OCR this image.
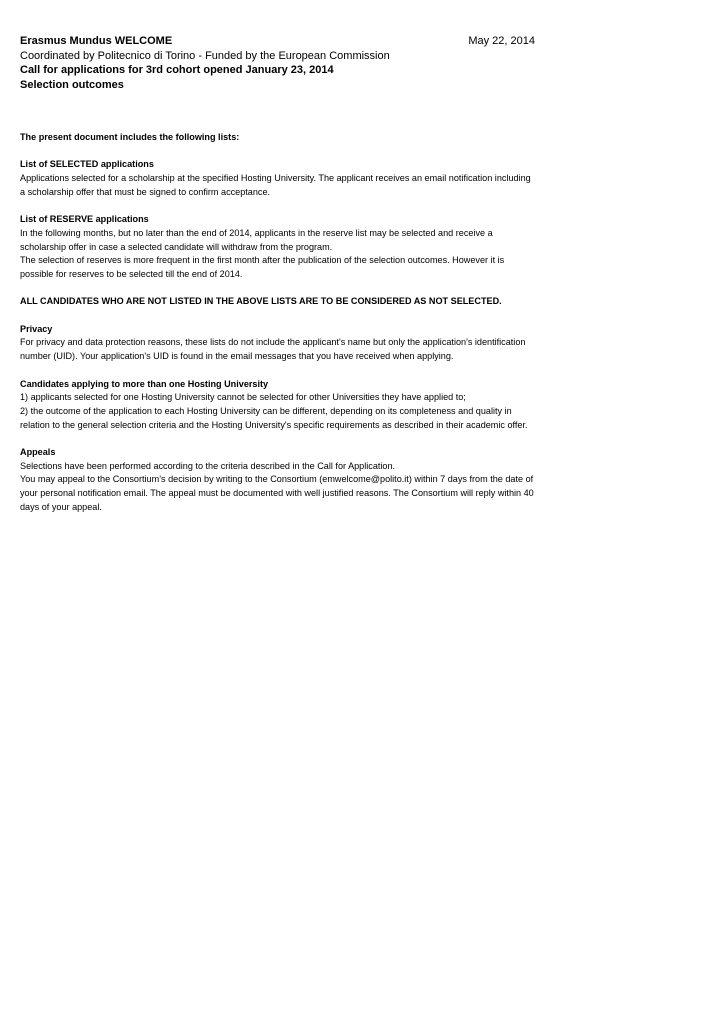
Erasmus Mundus WELCOME	May 22, 2014
Coordinated by Politecnico di Torino - Funded by the European Commission
Call for applications for 3rd cohort opened January 23, 2014
Selection outcomes

The present document includes the following lists:

List of SELECTED applications

Applications selected for a scholarship at the specified Hosting University. The applicant receives an email notification including a scholarship offer that must be signed to confirm acceptance.

List of RESERVE applications

In the following months, but no later than the end of 2014, applicants in the reserve list may be selected and receive a scholarship offer in case a selected candidate will withdraw from the program.

The selection of reserves is more frequent in the first month after the publication of the selection outcomes. However it is possible for reserves to be selected till the end of 2014.

ALL CANDIDATES WHO ARE NOT LISTED IN THE ABOVE LISTS ARE TO BE CONSIDERED AS NOT SELECTED.

Privacy

For privacy and data protection reasons, these lists do not include the applicant's name but only the application's identification number (UID). Your application's UID is found in the email messages that you have received when applying.

Candidates applying to more than one Hosting University

1) applicants selected for one Hosting University cannot be selected for other Universities they have applied to;

2) the outcome of the application to each Hosting University can be different, depending on its completeness and quality in relation to the general selection criteria and the Hosting University's specific requirements as described in their academic offer.

Appeals

Selections have been performed according to the criteria described in the Call for Application.

You may appeal to the Consortium’s decision by writing to the Consortium (emwelcome@polito.it) within 7 days from the date of your personal notification email. The appeal must be documented with well justified reasons. The Consortium will reply within 40 days of your appeal.
